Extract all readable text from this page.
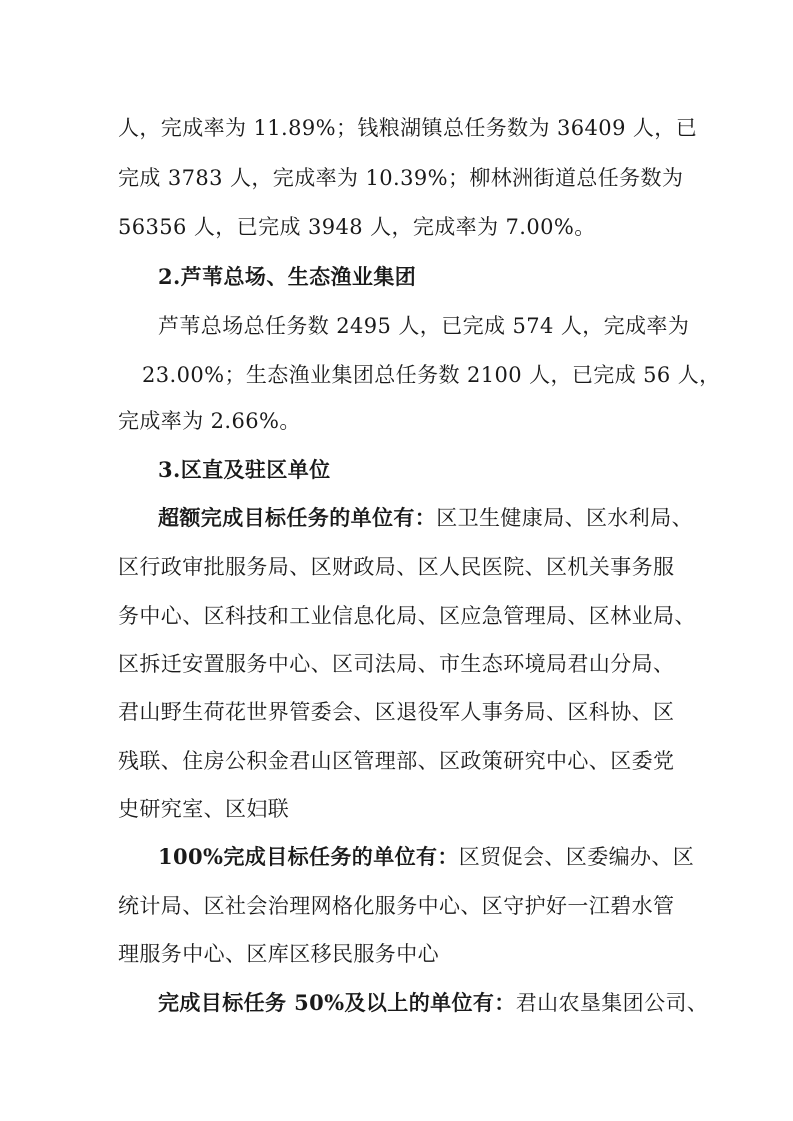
人，完成率为 11.89%；钱粮湖镇总任务数为 36409 人，已
完成 3783 人，完成率为 10.39%；柳林洲街道总任务数为
56356 人，已完成 3948 人，完成率为 7.00%。
2.芦苇总场、生态渔业集团
芦苇总场总任务数 2495 人，已完成 574 人，完成率为
23.00%；生态渔业集团总任务数 2100 人，已完成 56 人，
完成率为 2.66%。
3.区直及驻区单位
超额完成目标任务的单位有：区卫生健康局、区水利局、
区行政审批服务局、区财政局、区人民医院、区机关事务服
务中心、区科技和工业信息化局、区应急管理局、区林业局、
区拆迁安置服务中心、区司法局、市生态环境局君山分局、
君山野生荷花世界管委会、区退役军人事务局、区科协、区
残联、住房公积金君山区管理部、区政策研究中心、区委党
史研究室、区妇联
100%完成目标任务的单位有：区贸促会、区委编办、区
统计局、区社会治理网格化服务中心、区守护好一江碧水管
理服务中心、区库区移民服务中心
完成目标任务 50%及以上的单位有：君山农垦集团公司、
